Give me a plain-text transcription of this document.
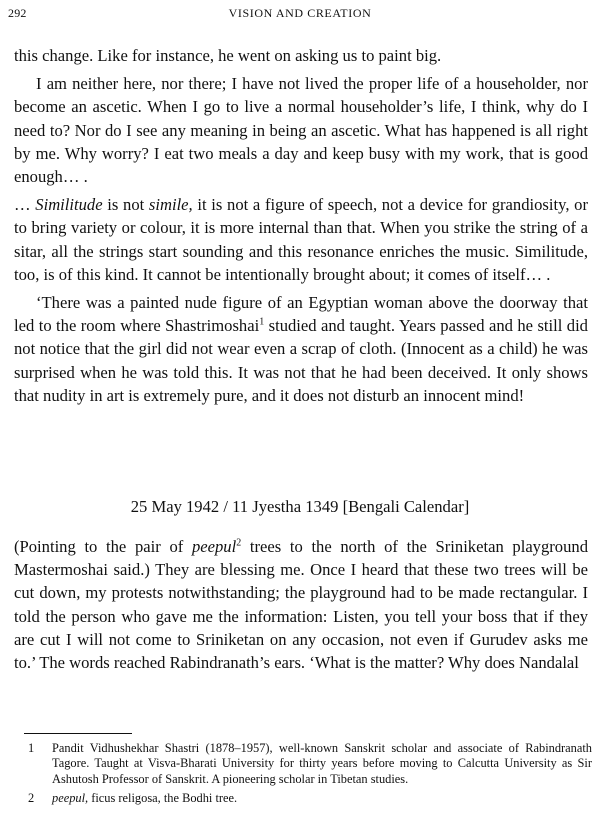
292	VISION AND CREATION

this change. Like for instance, he went on asking us to paint big.

I am neither here, nor there; I have not lived the proper life of a householder, nor become an ascetic. When I go to live a normal householder’s life, I think, why do I need to? Nor do I see any meaning in being an ascetic. What has happened is all right by me. Why worry? I eat two meals a day and keep busy with my work, that is good enough… .

… Similitude is not simile, it is not a figure of speech, not a device for grandiosity, or to bring variety or colour, it is more internal than that. When you strike the string of a sitar, all the strings start sounding and this resonance enriches the music. Similitude, too, is of this kind. It cannot be intentionally brought about; it comes of itself… .

‘There was a painted nude figure of an Egyptian woman above the doorway that led to the room where Shastrimoshai$^1$ studied and taught. Years passed and he still did not notice that the girl did not wear even a scrap of cloth. (Innocent as a child) he was surprised when he was told this. It was not that he had been deceived. It only shows that nudity in art is extremely pure, and it does not disturb an innocent mind!

25 May 1942 / 11 Jyestha 1349 [Bengali Calendar]

(Pointing to the pair of peepul$^2$ trees to the north of the Sriniketan playground Mastermoshai said.) They are blessing me. Once I heard that these two trees will be cut down, my protests notwithstanding; the playground had to be made rectangular. I told the person who gave me the information: Listen, you tell your boss that if they are cut I will not come to Sriniketan on any occasion, not even if Gurudev asks me to.’ The words reached Rabindranath’s ears. ‘What is the matter? Why does Nandalal

1 Pandit Vidhushekhar Shastri (1878–1957), well-known Sanskrit scholar and associate of Rabindranath Tagore. Taught at Visva-Bharati University for thirty years before moving to Calcutta University as Sir Ashutosh Professor of Sanskrit. A pioneering scholar in Tibetan studies.
2 peepul, ficus religosa, the Bodhi tree.
